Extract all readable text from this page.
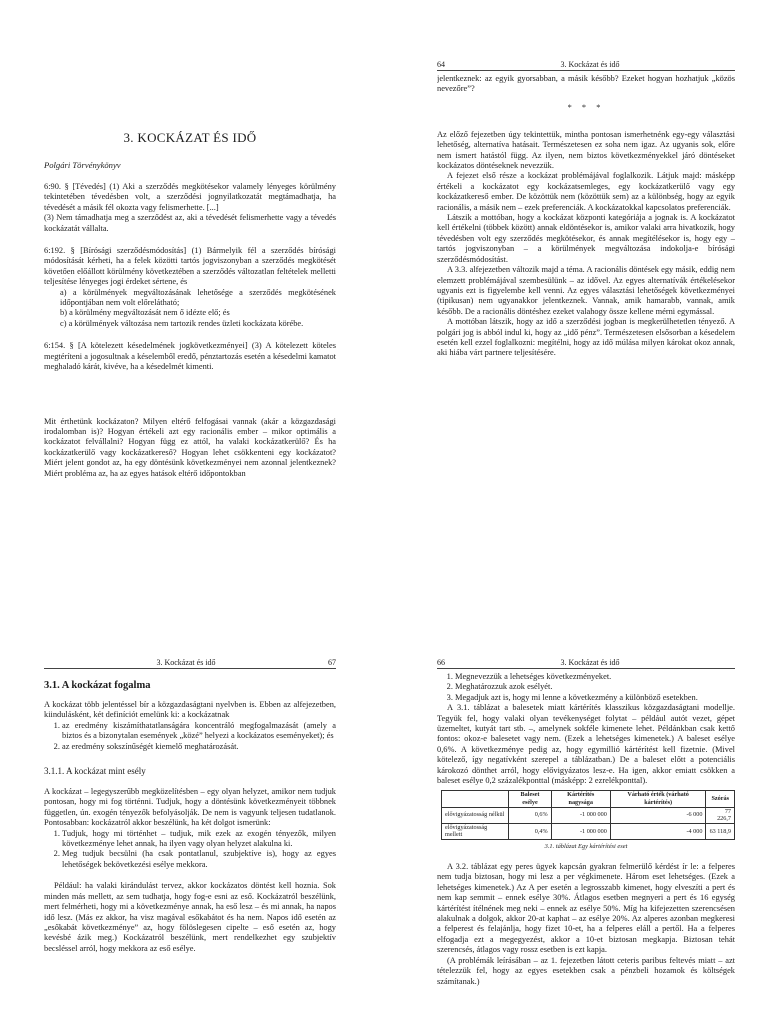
3. KOCKÁZAT ÉS IDŐ
Polgári Törvénykönyv

6:90. § [Tévedés] (1) Aki a szerződés megkötésekor valamely lényeges körülmény tekintetében tévedésben volt, a szerződési jognyilatkozatát megtámadhatja, ha tévedését a másik fél okozta vagy felismerhette. [...]

(3) Nem támadhatja meg a szerződést az, aki a tévedését felismerhette vagy a tévedés kockázatát vállalta.

6:192. § [Bírósági szerződésmódosítás] (1) Bármelyik fél a szerződés bírósági módosítását kérheti, ha a felek közötti tartós jogviszonyban a szerződés megkötését követően előállott körülmény következtében a szerződés változatlan feltételek melletti teljesítése lényeges jogi érdeket sértene, és

a) a körülmények megváltozásának lehetősége a szerződés megkötésének időpontjában nem volt előrelátható;

b) a körülmény megváltozását nem ő idézte elő; és

c) a körülmények változása nem tartozik rendes üzleti kockázata körébe.

6:154. § [A kötelezett késedelmének jogkövetkezményei] (3) A kötelezett köteles megtéríteni a jogosultnak a késelemből eredő, pénztartozás esetén a késedelmi kamatot meghaladó kárát, kivéve, ha a késedelmét kimenti.

Mit érthetünk kockázaton? Milyen eltérő felfogásai vannak (akár a közgazdasági irodalomban is)? Hogyan értékeli azt egy racionális ember – mikor optimális a kockázatot felvállalni? Hogyan függ ez attól, ha valaki kockázatkerülő? És ha kockázatkerülő vagy kockázatkereső? Hogyan lehet csökkenteni egy kockázatot? Miért jelent gondot az, ha egy döntésünk következményei nem azonnal jelentkeznek? Miért probléma az, ha az egyes hatások eltérő időpontokban

64	3. Kockázat és idő

jelentkeznek: az egyik gyorsabban, a másik később? Ezeket hogyan hozhatjuk „közös nevezőre”?

* * *

Az előző fejezetben úgy tekintettük, mintha pontosan ismerhetnénk egy-egy választási lehetőség, alternatíva hatásait. Természetesen ez soha nem igaz. Az ugyanis sok, előre nem ismert hatástól függ. Az ilyen, nem biztos következményekkel járó döntéseket kockázatos döntéseknek nevezzük.

A fejezet első része a kockázat problémájával foglalkozik. Látjuk majd: másképp értékeli a kockázatot egy kockázatsemleges, egy kockázatkerülő vagy egy kockázatkereső ember. De közöttük nem (közöttük sem) az a különbség, hogy az egyik racionális, a másik nem – ezek preferenciák. A kockázatokkal kapcsolatos preferenciák.

Látszik a mottóban, hogy a kockázat központi kategóriája a jognak is. A kockázatot kell értékelni (többek között) annak eldöntésekor is, amikor valaki arra hivatkozik, hogy tévedésben volt egy szerződés megkötésekor, és annak megítélésekor is, hogy egy – tartós jogviszonyban – a körülmények megváltozása indokolja-e bírósági szerződésmódosítást.

A 3.3. alfejezetben változik majd a téma. A racionális döntések egy másik, eddig nem elemzett problémájával szembesülünk – az idővel. Az egyes alternatívák értékelésekor ugyanis ezt is figyelembe kell venni. Az egyes választási lehetőségek következményei (tipikusan) nem ugyanakkor jelentkeznek. Vannak, amik hamarabb, vannak, amik később. De a racionális döntéshez ezeket valahogy össze kellene mérni egymással.

A mottóban látszik, hogy az idő a szerződési jogban is megkerülhetetlen tényező. A polgári jog is abból indul ki, hogy az „idő pénz”. Természetesen elsősorban a késedelem esetén kell ezzel foglalkozni: megítélni, hogy az idő múlása milyen károkat okoz annak, aki hiába várt partnere teljesítésére.

3. Kockázat és idő	67
3.1. A kockázat fogalma

A kockázat több jelentéssel bír a közgazdaságtani nyelvben is. Ebben az alfejezetben, kiindulásként, két definíciót emelünk ki: a kockázatnak

1. az eredmény kiszámíthatatlanságára koncentráló megfogalmazását (amely a biztos és a bizonytalan események „közé” helyezi a kockázatos eseményeket); és
2. az eredmény sokszínűségét kiemelő meghatározását.
3.1.1. A kockázat mint esély

A kockázat – legegyszerűbb megközelítésben – egy olyan helyzet, amikor nem tudjuk pontosan, hogy mi fog történni. Tudjuk, hogy a döntésünk következményeit többnek független, ún. exogén tényezők befolyásolják. De nem is vagyunk teljesen tudatlanok. Pontosabban: kockázatról akkor beszélünk, ha két dolgot ismerünk:

1. Tudjuk, hogy mi történhet – tudjuk, mik ezek az exogén tényezők, milyen következménye lehet annak, ha ilyen vagy olyan helyzet alakulna ki.
2. Meg tudjuk becsülni (ha csak pontatlanul, szubjektíve is), hogy az egyes lehetőségek bekövetkezési esélye mekkora.

Például: ha valaki kirándulást tervez, akkor kockázatos döntést kell hoznia. Sok minden más mellett, az sem tudhatja, hogy fog-e esni az eső. Kockázatról beszélünk, mert felmérheti, hogy mi a következménye annak, ha eső lesz – és mi annak, ha napos idő lesz. (Más ez akkor, ha visz magával esőkabátot és ha nem. Napos idő esetén az „esőkabát következménye” az, hogy fölöslegesen cipelte – eső esetén az, hogy kevésbé ázik meg.) Kockázatról beszélünk, mert rendelkezhet egy szubjektív becsléssel arról, hogy mekkora az eső esélye.

66	3. Kockázat és idő
1. Megnevezzük a lehetséges következményeket.
2. Meghatározzuk azok esélyét.
3. Megadjuk azt is, hogy mi lenne a következmény a különböző esetekben.

A 3.1. táblázat a balesetek miatt kártérítés klasszikus közgazdaságtani modellje. Tegyük fel, hogy valaki olyan tevékenységet folytat – például autót vezet, gépet üzemeltet, kutyát tart stb. –, amelynek sokféle kimenete lehet. Példánkban csak kettő fontos: okoz-e balesetet vagy nem. (Ezek a lehetséges kimenetek.) A baleset esélye 0,6%. A következménye pedig az, hogy egymillió kártérítést kell fizetnie. (Mivel kötelező, így negatívként szerepel a táblázatban.) De a baleset előtt a potenciális károkozó dönthet arról, hogy elővigyázatos lesz-e. Ha igen, akkor emiatt csökken a baleset esélye 0,2 százalékponttal (másképp: 2 ezrelékponttal).

	Baleset esélye	Kártérítés nagysága	Várható érték (várható kártérítés)	Szórás
elővigyázatosság nélkül	0,6%	-1 000 000	-6 000	77 226,7
elővigyázatosság mellett	0,4%	-1 000 000	-4 000	63 118,9
3.1. táblázat Egy kártérítési eset

A 3.2. táblázat egy peres ügyek kapcsán gyakran felmerülő kérdést ír le: a felperes nem tudja biztosan, hogy mi lesz a per végkimenete. Három eset lehetséges. (Ezek a lehetséges kimenetek.) Az A per esetén a legrosszabb kimenet, hogy elveszíti a pert és nem kap semmit – ennek esélye 30%. Átlagos esetben megnyeri a pert és 16 egység kártérítést ítélnének meg neki – ennek az esélye 50%. Míg ha kifejezetten szerencsésen alakulnak a dolgok, akkor 20-at kaphat – az esélye 20%. Az alperes azonban megkeresi a felperest és felajánlja, hogy fizet 10-et, ha a felperes eláll a pertől. Ha a felperes elfogadja ezt a megegyezést, akkor a 10-et biztosan megkapja. Biztosan tehát szerencsés, átlagos vagy rossz esetben is ezt kapja.

(A problémák leírásában – az 1. fejezetben látott ceteris paribus feltevés miatt – azt tételezzük fel, hogy az egyes esetekben csak a pénzbeli hozamok és költségek számítanak.)
